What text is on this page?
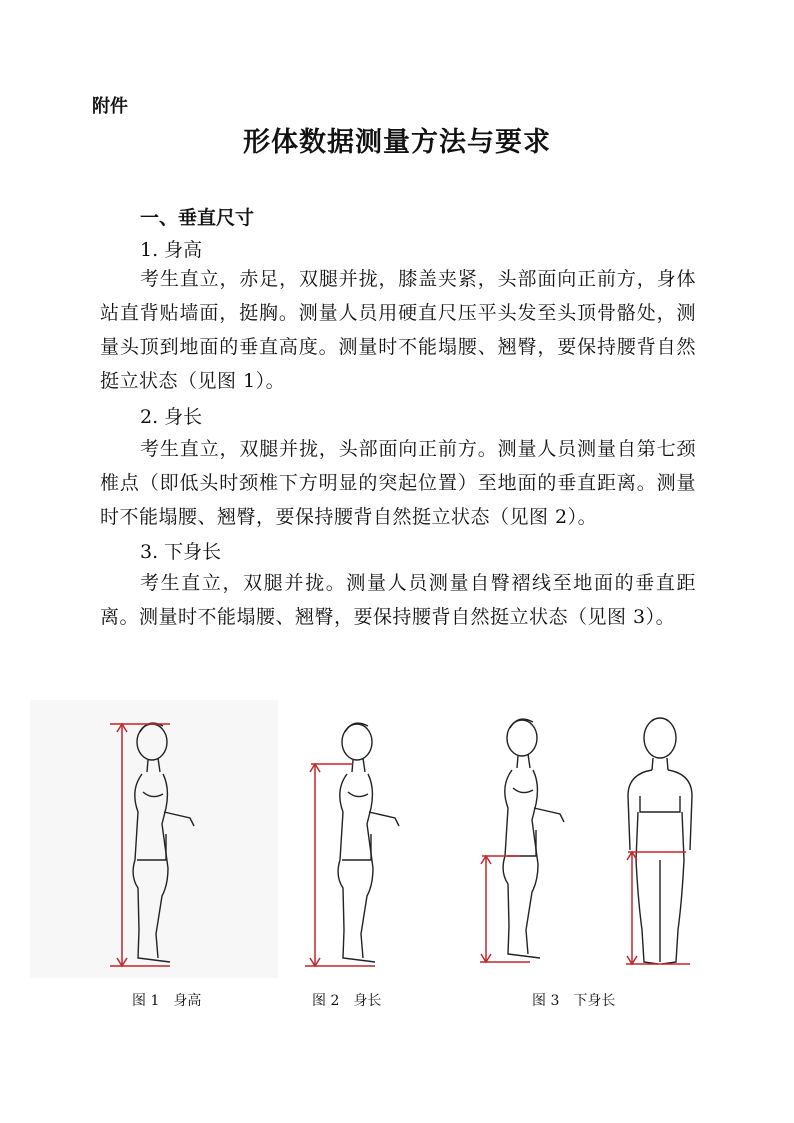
附件
形体数据测量方法与要求
一、垂直尺寸
1. 身高
考生直立，赤足，双腿并拢，膝盖夹紧，头部面向正前方，身体站直背贴墙面，挺胸。测量人员用硬直尺压平头发至头顶骨骼处，测量头顶到地面的垂直高度。测量时不能塌腰、翘臀，要保持腰背自然挺立状态（见图 1）。
2. 身长
考生直立，双腿并拢，头部面向正前方。测量人员测量自第七颈椎点（即低头时颈椎下方明显的突起位置）至地面的垂直距离。测量时不能塌腰、翘臀，要保持腰背自然挺立状态（见图 2）。
3. 下身长
考生直立，双腿并拢。测量人员测量自臀褶线至地面的垂直距离。测量时不能塌腰、翘臀，要保持腰背自然挺立状态（见图 3）。
图 1　身高	图 2　身长	图 3　下身长
